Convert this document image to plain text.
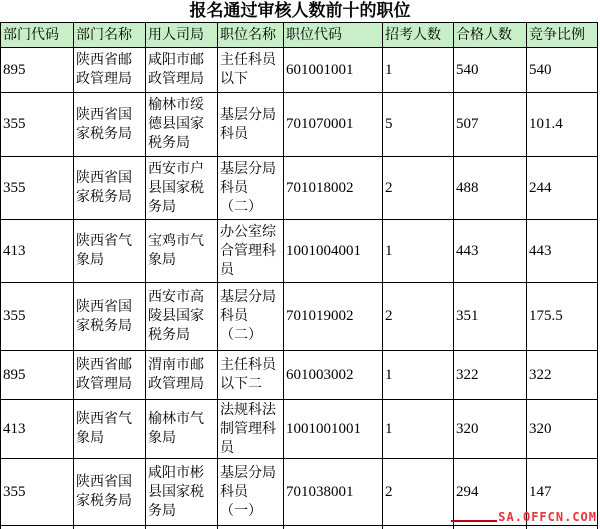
报名通过审核人数前十的职位
部门代码	部门名称	用人司局	职位名称	职位代码	招考人数	合格人数	竞争比例
895	陕西省邮政管理局	咸阳市邮政管理局	主任科员以下	601001001	1	540	540
355	陕西省国家税务局	榆林市绥德县国家税务局	基层分局科员	701070001	5	507	101.4
355	陕西省国家税务局	西安市户县国家税务局	基层分局科员（二）	701018002	2	488	244
413	陕西省气象局	宝鸡市气象局	办公室综合管理科员	1001004001	1	443	443
355	陕西省国家税务局	西安市高陵县国家税务局	基层分局科员（二）	701019002	2	351	175.5
895	陕西省邮政管理局	渭南市邮政管理局	主任科员以下二	601003002	1	322	322
413	陕西省气象局	榆林市气象局	法规科法制管理科员	1001001001	1	320	320
355	陕西省国家税务局	咸阳市彬县国家税务局	基层分局科员（一）	701038001	2	294	147

SA.OFFCN.COM
